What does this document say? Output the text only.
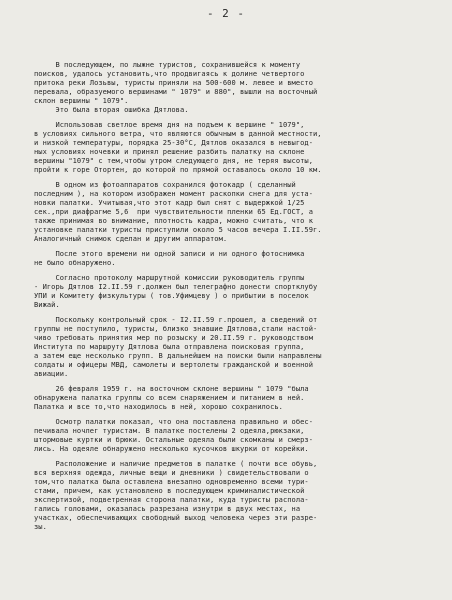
- 2 -
В последующем, по лыжне туристов, сохранившейся к моменту
поисков, удалось установить,что продвигаясь к долине четвертого
притока реки Лозьвы, туристы приняли на 500-600 м. левее и вместо
перевала, образуемого вершинами " 1079" и 880", вышли на восточный
склон вершины " 1079".
Это была вторая ошибка Дятлова.
Использовав светлое время дня на подъем к вершине " 1079",
в условиях сильного ветра, что являются обычным в данной местности,
и низкой температуры, порядка 25-30°С, Дятлов оказался в невыгод-
ных условиях ночевки и принял решение разбить палатку на склоне
вершины "1079" с тем,чтобы утром следующего дня, не теряя высоты,
пройти к горе Отортен, до которой по прямой оставалось около 10 км.
В одном из фотоаппаратов сохранился фотокадр ( сделанный
последним ), на котором изображен момент раскопки снега для уста-
новки палатки. Учитывая,что этот кадр был снят с выдержкой 1/25
сек.,при диафрагме 5,6  при чувствительности пленки 65 Ед.ГОСТ, а
также принимая во внимание, плотность кадра, можно считать, что к
установке палатки туристы приступили около 5 часов вечера I.II.59г.
Аналогичный снимок сделан и другим аппаратом.
После этого времени ни одной записи и ни одного фотоснимка
не было обнаружено.
Согласно протоколу маршрутной комиссии руководитель группы
- Игорь Дятлов I2.II.59 г.должен был телеграфно донести спортклубу
УПИ и Комитету физкультуры ( тов.Уфимцеву ) о прибытии в поселок
Вижай.
Поскольку контрольный срок - I2.II.59 г.прошел, а сведений от
группы не поступило, туристы, близко знавшие Дятлова,стали настой-
чиво требовать принятия мер по розыску и 20.II.59 г. руководством
Института по маршруту Дятлова была отправлена поисковая группа,
а затем еще несколько групп. В дальнейшем на поиски были направлены
солдаты и офицеры МВД, самолеты и вертолеты гражданской и военной
авиации.
26 февраля 1959 г. на восточном склоне вершины " 1079 "была
обнаружена палатка группы со всем снаряжением и питанием в ней.
Палатка и все то,что находилось в ней, хорошо сохранилось.
Осмотр палатки показал, что она поставлена правильно и обес-
печивала ночлег туристам. В палатке постелены 2 одеяла,рюкзаки,
штормовые куртки и брюки. Остальные одеяла были скомканы и смерз-
лись. На одеяле обнаружено несколько кусочков шкурки от корейки.
Расположение и наличие предметов в палатке ( почти все обувь,
вся верхняя одежда, личные вещи и дневники ) свидетельствовали о
том,что палатка была оставлена внезапно одновременно всеми тури-
стами, причем, как установлено в последующем криминалистической
экспертизой, подветренная сторона палатки, куда туристы распола-
гались головами, оказалась разрезана изнутри в двух местах, на
участках, обеспечивающих свободный выход человека через эти разре-
зы.
